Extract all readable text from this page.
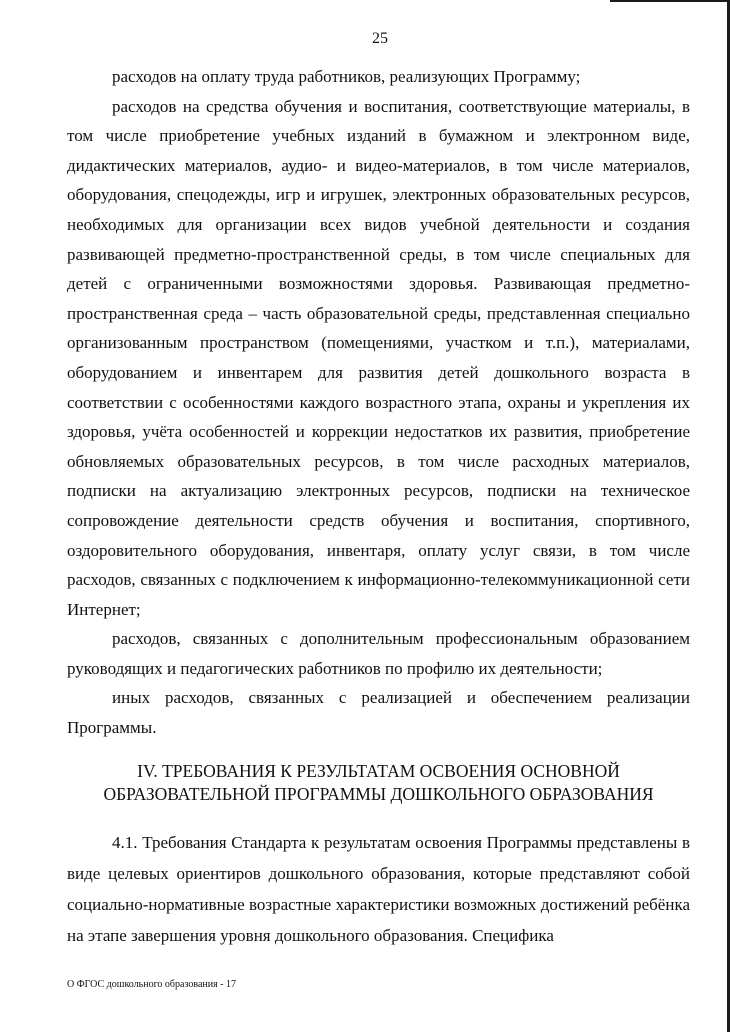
25

расходов на оплату труда работников, реализующих Программу;

расходов на средства обучения и воспитания, соответствующие материалы, в том числе приобретение учебных изданий в бумажном и электронном виде, дидактических материалов, аудио- и видео-материалов, в том числе материалов, оборудования, спецодежды, игр и игрушек, электронных образовательных ресурсов, необходимых для организации всех видов учебной деятельности и создания развивающей предметно-пространственной среды, в том числе специальных для детей с ограниченными возможностями здоровья. Развивающая предметно-пространственная среда – часть образовательной среды, представленная специально организованным пространством (помещениями, участком и т.п.), материалами, оборудованием и инвентарем для развития детей дошкольного возраста в соответствии с особенностями каждого возрастного этапа, охраны и укрепления их здоровья, учёта особенностей и коррекции недостатков их развития, приобретение обновляемых образовательных ресурсов, в том числе расходных материалов, подписки на актуализацию электронных ресурсов, подписки на техническое сопровождение деятельности средств обучения и воспитания, спортивного, оздоровительного оборудования, инвентаря, оплату услуг связи, в том числе расходов, связанных с подключением к информационно-телекоммуникационной сети Интернет;

расходов, связанных с дополнительным профессиональным образованием руководящих и педагогических работников по профилю их деятельности;

иных расходов, связанных с реализацией и обеспечением реализации Программы.

IV. ТРЕБОВАНИЯ К РЕЗУЛЬТАТАМ ОСВОЕНИЯ ОСНОВНОЙ
ОБРАЗОВАТЕЛЬНОЙ ПРОГРАММЫ ДОШКОЛЬНОГО ОБРАЗОВАНИЯ

4.1. Требования Стандарта к результатам освоения Программы представлены в виде целевых ориентиров дошкольного образования, которые представляют собой социально-нормативные возрастные характеристики возможных достижений ребёнка на этапе завершения уровня дошкольного образования. Специфика

О ФГОС дошкольного образования - 17
